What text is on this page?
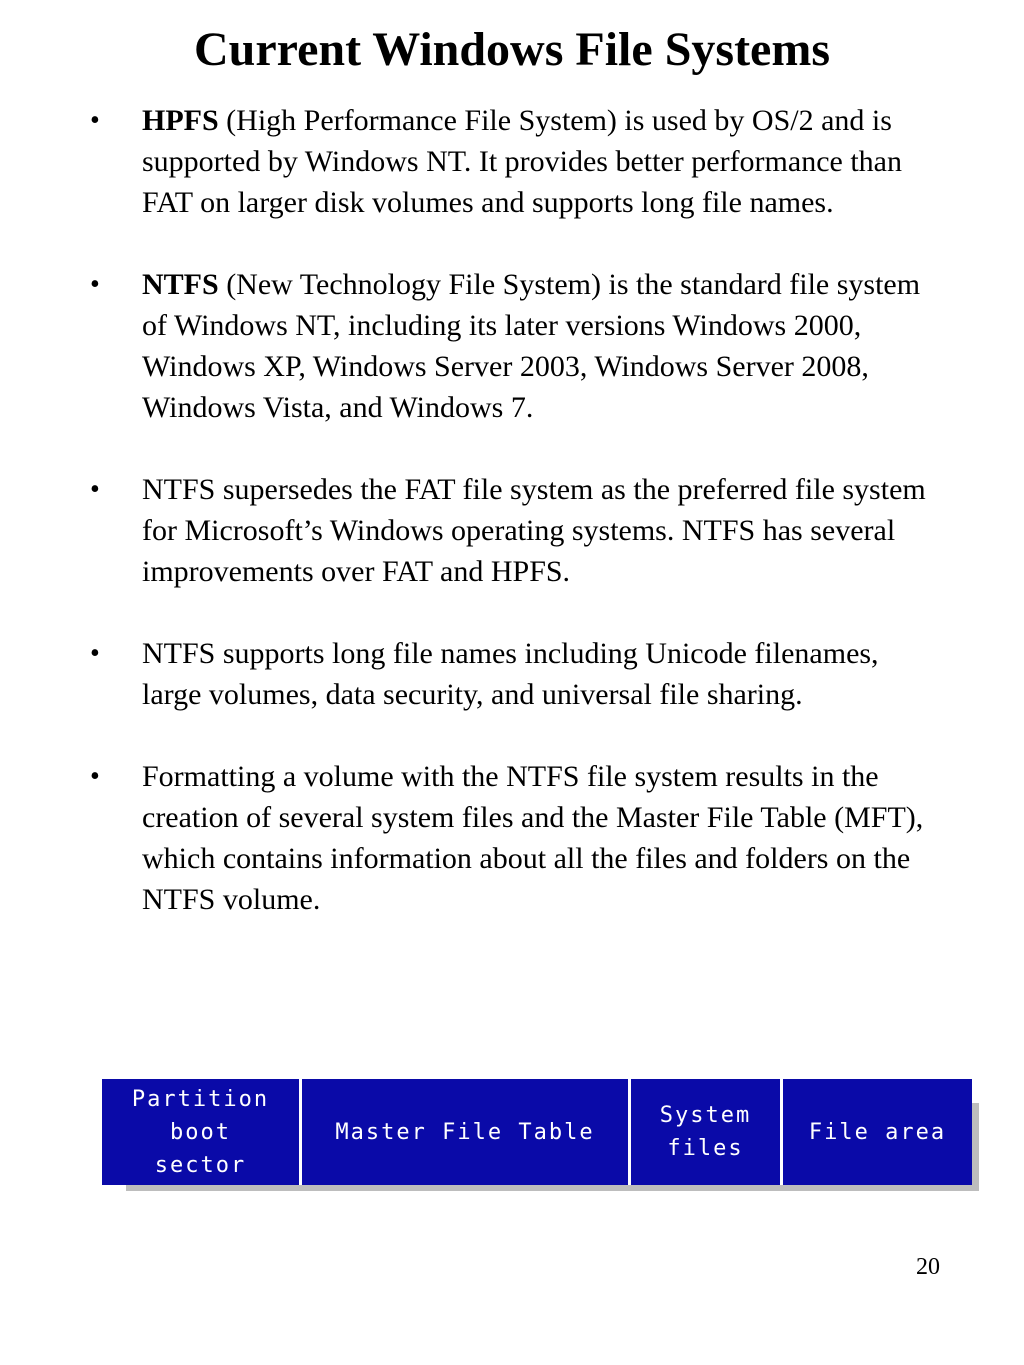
Current Windows File Systems
• HPFS (High Performance File System) is used by OS/2 and is supported by Windows NT. It provides better performance than FAT on larger disk volumes and supports long file names.
• NTFS (New Technology File System) is the standard file system of Windows NT, including its later versions Windows 2000, Windows XP, Windows Server 2003, Windows Server 2008, Windows Vista, and Windows 7.
• NTFS supersedes the FAT file system as the preferred file system for Microsoft’s Windows operating systems. NTFS has several improvements over FAT and HPFS.
• NTFS supports long file names including Unicode filenames, large volumes, data security, and universal file sharing.
• Formatting a volume with the NTFS file system results in the creation of several system files and the Master File Table (MFT), which contains information about all the files and folders on the NTFS volume.
Partition
boot
sector
Master File Table
System
files
File area
20
